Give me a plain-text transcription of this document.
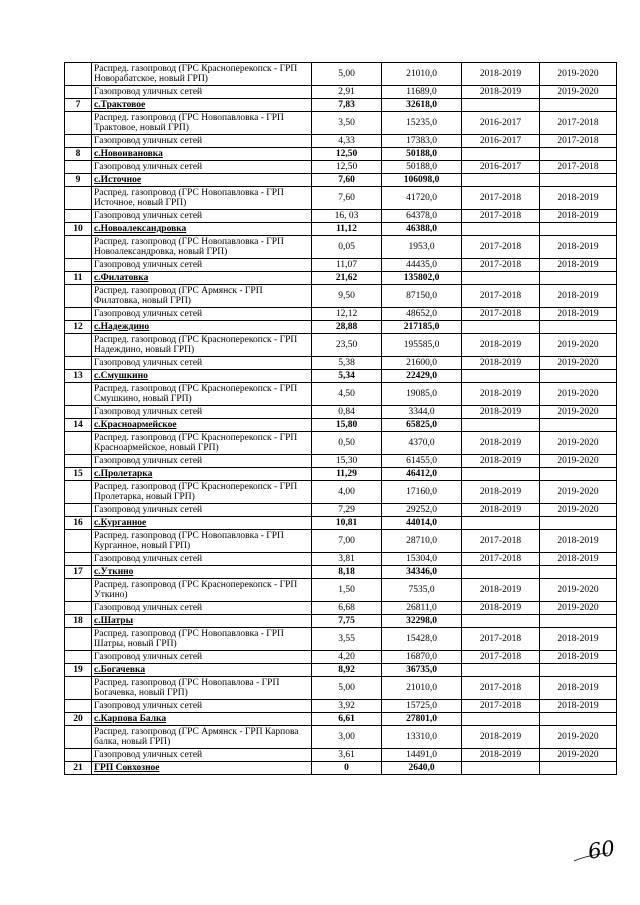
	Распред. газопровод (ГРС Красноперекопск - ГРП Новорабатское, новый ГРП)	5,00	21010,0	2018-2019	2019-2020
	Газопровод уличных сетей	2,91	11689,0	2018-2019	2019-2020
7	с.Трактовое	7,83	32618,0		
	Распред. газопровод (ГРС Новопавловка - ГРП Трактовое, новый ГРП)	3,50	15235,0	2016-2017	2017-2018
	Газопровод уличных сетей	4,33	17383,0	2016-2017	2017-2018
8	с.Новоивановка	12,50	50188,0		
	Газопровод уличных сетей	12,50	50188,0	2016-2017	2017-2018
9	с.Источное	7,60	106098,0		
	Распред. газопровод (ГРС Новопавловка - ГРП Источное, новый ГРП)	7,60	41720,0	2017-2018	2018-2019
	Газопровод уличных сетей	16, 03	64378,0	2017-2018	2018-2019
10	с.Новоалександровка	11,12	46388,0		
	Распред. газопровод (ГРС Новопавловка - ГРП Новоалександровка, новый ГРП)	0,05	1953,0	2017-2018	2018-2019
	Газопровод уличных сетей	11,07	44435,0	2017-2018	2018-2019
11	с.Филатовка	21,62	135802,0		
	Распред. газопровод (ГРС Армянск - ГРП Филатовка, новый ГРП)	9,50	87150,0	2017-2018	2018-2019
	Газопровод уличных сетей	12,12	48652,0	2017-2018	2018-2019
12	с.Надеждино	28,88	217185,0		
	Распред. газопровод (ГРС Красноперекопск - ГРП Надеждино, новый ГРП)	23,50	195585,0	2018-2019	2019-2020
	Газопровод уличных сетей	5,38	21600,0	2018-2019	2019-2020
13	с.Смушкино	5,34	22429,0		
	Распред. газопровод (ГРС Красноперекопск - ГРП Смушкино, новый ГРП)	4,50	19085,0	2018-2019	2019-2020
	Газопровод уличных сетей	0,84	3344,0	2018-2019	2019-2020
14	с.Красноармейское	15,80	65825,0		
	Распред. газопровод (ГРС Красноперекопск - ГРП Красноармейское, новый ГРП)	0,50	4370,0	2018-2019	2019-2020
	Газопровод уличных сетей	15,30	61455,0	2018-2019	2019-2020
15	с.Пролетарка	11,29	46412,0		
	Распред. газопровод (ГРС Красноперекопск - ГРП Пролетарка, новый ГРП)	4,00	17160,0	2018-2019	2019-2020
	Газопровод уличных сетей	7,29	29252,0	2018-2019	2019-2020
16	с.Курганное	10,81	44014,0		
	Распред. газопровод (ГРС Новопавловка - ГРП Курганное, новый ГРП)	7,00	28710,0	2017-2018	2018-2019
	Газопровод уличных сетей	3,81	15304,0	2017-2018	2018-2019
17	с.Уткино	8,18	34346,0		
	Распред. газопровод (ГРС Красноперекопск - ГРП Уткино)	1,50	7535,0	2018-2019	2019-2020
	Газопровод уличных сетей	6,68	26811,0	2018-2019	2019-2020
18	с.Шатры	7,75	32298,0		
	Распред. газопровод (ГРС Новопавловка - ГРП Шатры, новый ГРП)	3,55	15428,0	2017-2018	2018-2019
	Газопровод уличных сетей	4,20	16870,0	2017-2018	2018-2019
19	с.Богачевка	8,92	36735,0		
	Распред. газопровод (ГРС Новопавлова - ГРП Богачевка, новый ГРП)	5,00	21010,0	2017-2018	2018-2019
	Газопровод уличных сетей	3,92	15725,0	2017-2018	2018-2019
20	с.Карпова Балка	6,61	27801,0		
	Распред. газопровод (ГРС Армянск - ГРП Карпова балка, новый ГРП)	3,00	13310,0	2018-2019	2019-2020
	Газопровод уличных сетей	3,61	14491,0	2018-2019	2019-2020
21	ГРП Совхозное	0	2640,0		
60
